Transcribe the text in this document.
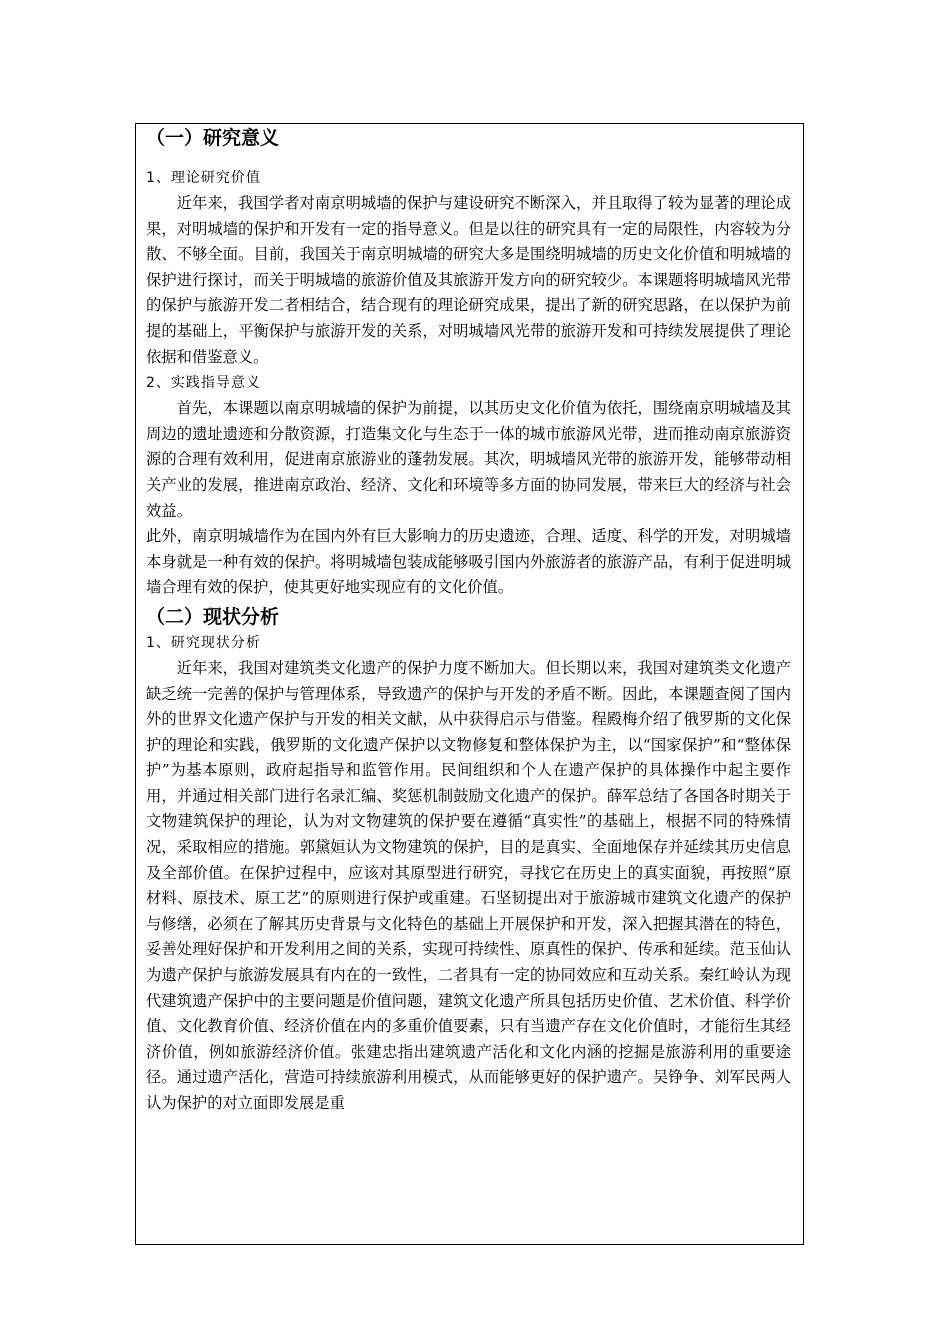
（一）研究意义
1、理论研究价值

近年来，我国学者对南京明城墙的保护与建设研究不断深入，并且取得了较为显著的理论成果，对明城墙的保护和开发有一定的指导意义。但是以往的研究具有一定的局限性，内容较为分散、不够全面。目前，我国关于南京明城墙的研究大多是围绕明城墙的历史文化价值和明城墙的保护进行探讨，而关于明城墙的旅游价值及其旅游开发方向的研究较少。本课题将明城墙风光带的保护与旅游开发二者相结合，结合现有的理论研究成果，提出了新的研究思路，在以保护为前提的基础上，平衡保护与旅游开发的关系，对明城墙风光带的旅游开发和可持续发展提供了理论依据和借鉴意义。

2、实践指导意义

首先，本课题以南京明城墙的保护为前提，以其历史文化价值为依托，围绕南京明城墙及其周边的遗址遗迹和分散资源，打造集文化与生态于一体的城市旅游风光带，进而推动南京旅游资源的合理有效利用，促进南京旅游业的蓬勃发展。其次，明城墙风光带的旅游开发，能够带动相关产业的发展，推进南京政治、经济、文化和环境等多方面的协同发展，带来巨大的经济与社会效益。

此外，南京明城墙作为在国内外有巨大影响力的历史遗迹，合理、适度、科学的开发，对明城墙本身就是一种有效的保护。将明城墙包装成能够吸引国内外旅游者的旅游产品，有利于促进明城墙合理有效的保护，使其更好地实现应有的文化价值。

（二）现状分析
1、研究现状分析

近年来，我国对建筑类文化遗产的保护力度不断加大。但长期以来，我国对建筑类文化遗产缺乏统一完善的保护与管理体系，导致遗产的保护与开发的矛盾不断。因此，本课题查阅了国内外的世界文化遗产保护与开发的相关文献，从中获得启示与借鉴。程殿梅介绍了俄罗斯的文化保护的理论和实践，俄罗斯的文化遗产保护以文物修复和整体保护为主，以“国家保护”和“整体保护”为基本原则，政府起指导和监管作用。民间组织和个人在遗产保护的具体操作中起主要作用，并通过相关部门进行名录汇编、奖惩机制鼓励文化遗产的保护。薛军总结了各国各时期关于文物建筑保护的理论，认为对文物建筑的保护要在遵循“真实性”的基础上，根据不同的特殊情况，采取相应的措施。郭黛姮认为文物建筑的保护，目的是真实、全面地保存并延续其历史信息及全部价值。在保护过程中，应该对其原型进行研究，寻找它在历史上的真实面貌，再按照“原材料、原技术、原工艺”的原则进行保护或重建。石坚韧提出对于旅游城市建筑文化遗产的保护与修缮，必须在了解其历史背景与文化特色的基础上开展保护和开发，深入把握其潜在的特色，妥善处理好保护和开发利用之间的关系，实现可持续性、原真性的保护、传承和延续。范玉仙认为遗产保护与旅游发展具有内在的一致性，二者具有一定的协同效应和互动关系。秦红岭认为现代建筑遗产保护中的主要问题是价值问题，建筑文化遗产所具包括历史价值、艺术价值、科学价值、文化教育价值、经济价值在内的多重价值要素，只有当遗产存在文化价值时，才能衍生其经济价值，例如旅游经济价值。张建忠指出建筑遗产活化和文化内涵的挖掘是旅游利用的重要途径。通过遗产活化，营造可持续旅游利用模式，从而能够更好的保护遗产。吴铮争、刘军民两人认为保护的对立面即发展是重
